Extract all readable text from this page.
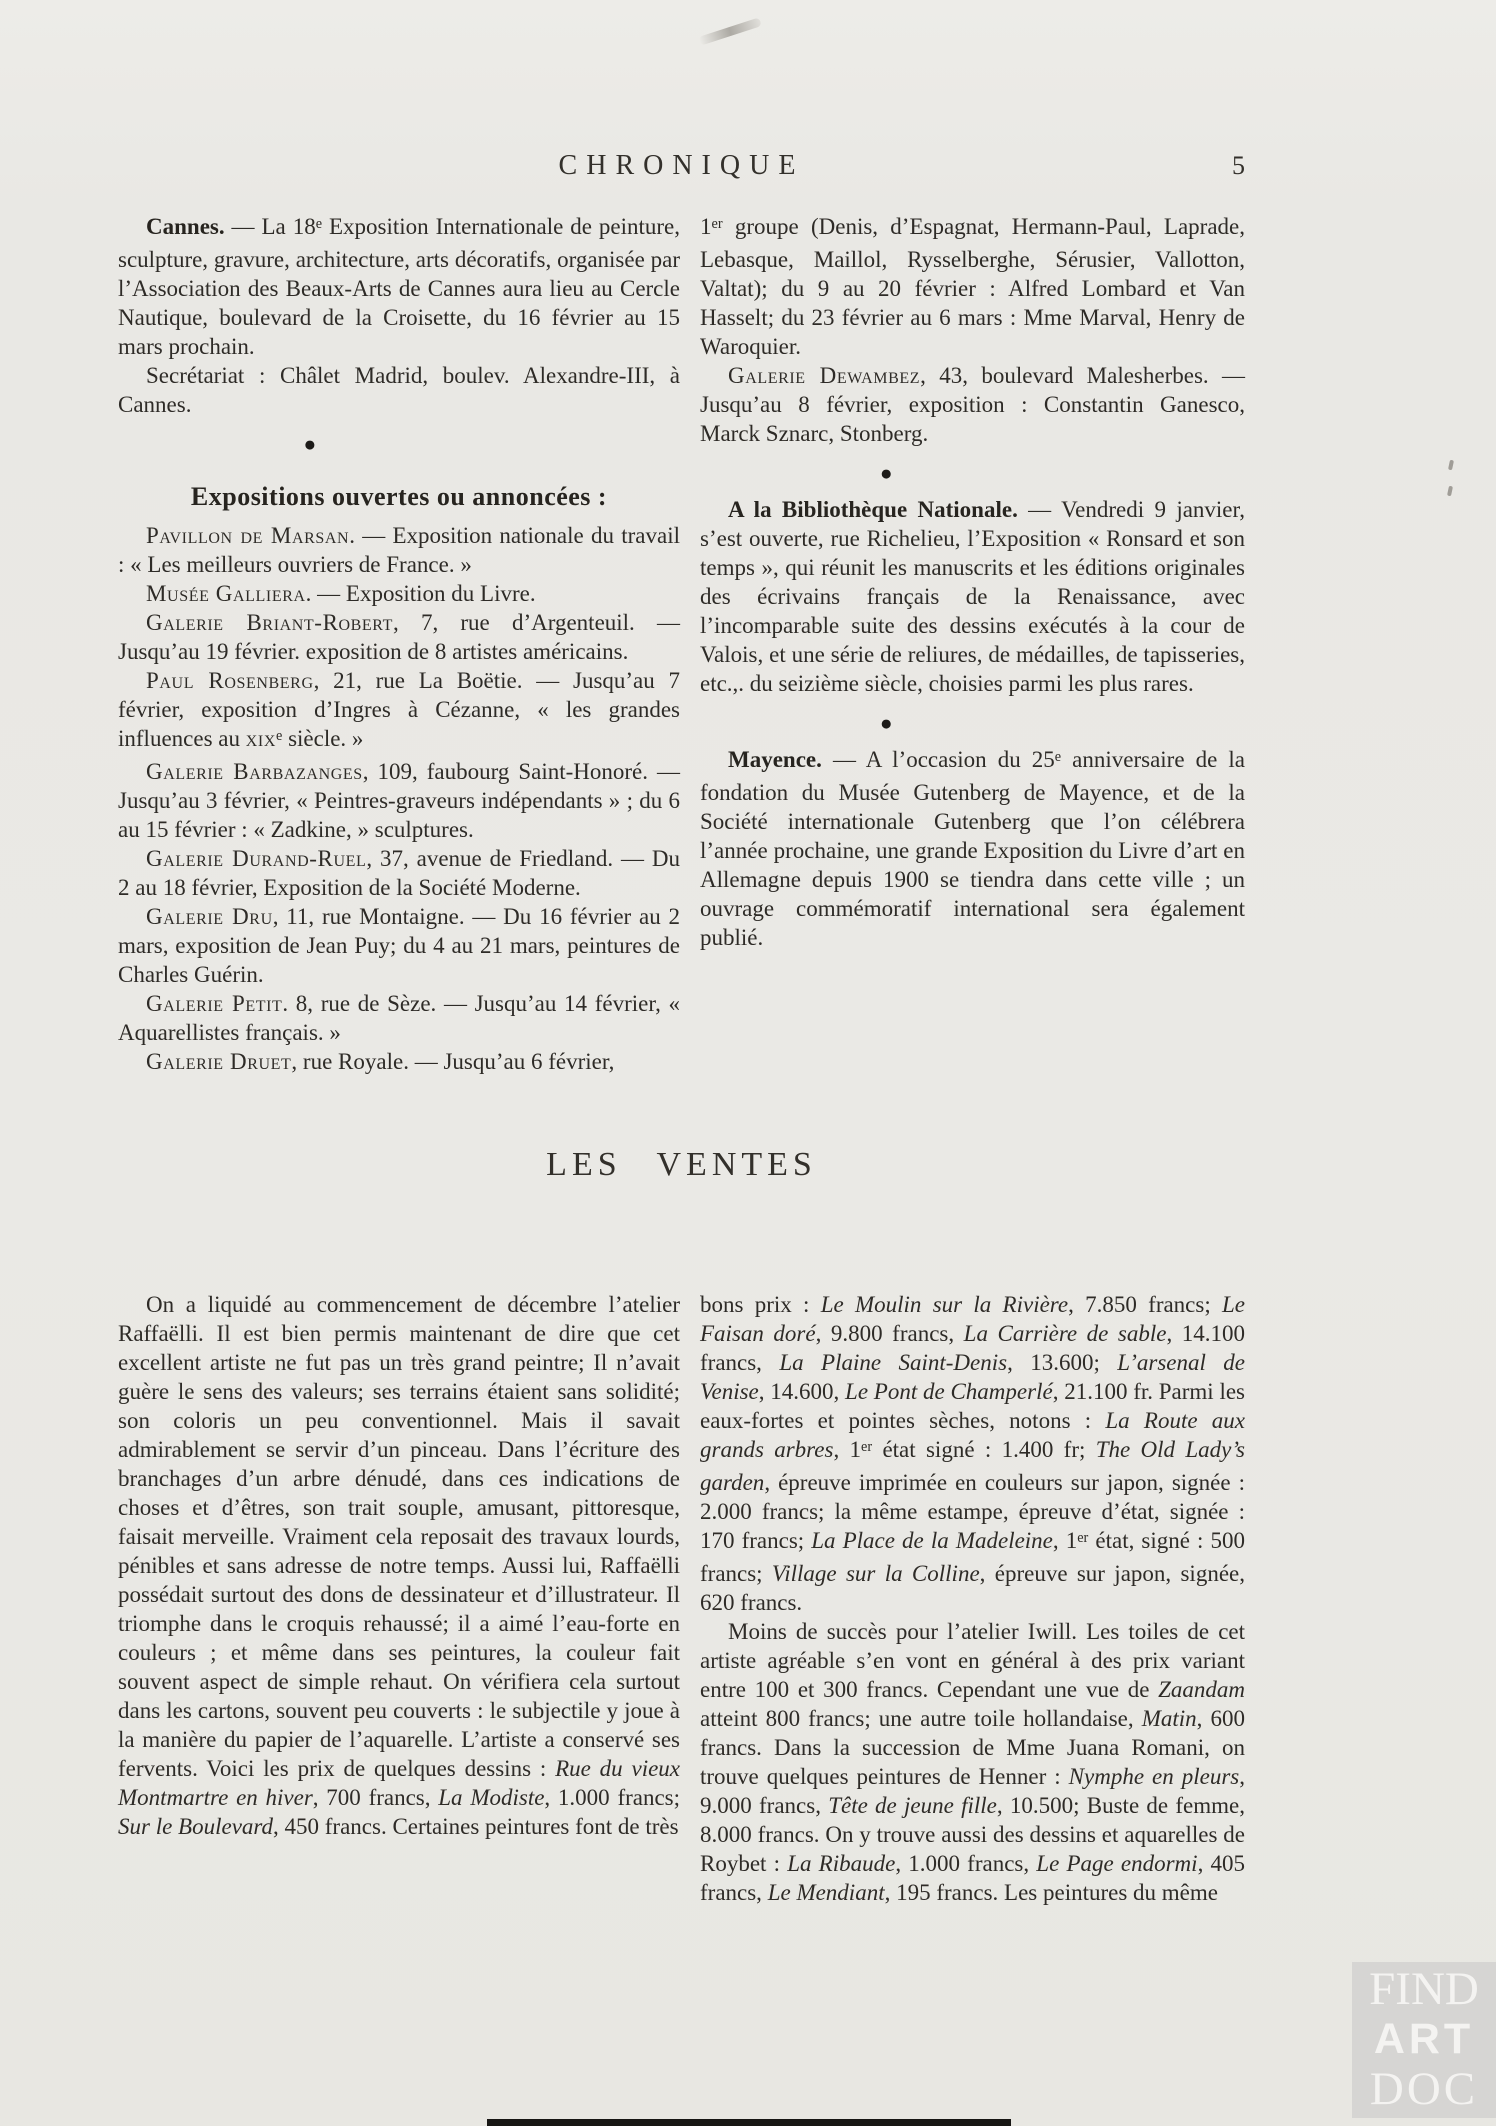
CHRONIQUE	5
Cannes. — La 18e Exposition Internationale de peinture, sculpture, gravure, architecture, arts décoratifs, organisée par l’Association des Beaux-Arts de Cannes aura lieu au Cercle Nautique, boulevard de la Croisette, du 16 février au 15 mars prochain.
Secrétariat : Châlet Madrid, boulev. Alexandre-III, à Cannes.
●
Expositions ouvertes ou annoncées :
Pavillon de Marsan. — Exposition nationale du travail : « Les meilleurs ouvriers de France. »
Musée Galliera. — Exposition du Livre.
Galerie Briant-Robert, 7, rue d’Argenteuil. — Jusqu’au 19 février. exposition de 8 artistes américains.
Paul Rosenberg, 21, rue La Boëtie. — Jusqu’au 7 février, exposition d’Ingres à Cézanne, « les grandes influences au xix$^e$ siècle. »
Galerie Barbazanges, 109, faubourg Saint-Honoré. — Jusqu’au 3 février, « Peintres-graveurs indépendants » ; du 6 au 15 février : « Zadkine, » sculptures.
Galerie Durand-Ruel, 37, avenue de Friedland. — Du 2 au 18 février, Exposition de la Société Moderne.
Galerie Dru, 11, rue Montaigne. — Du 16 février au 2 mars, exposition de Jean Puy; du 4 au 21 mars, peintures de Charles Guérin.
Galerie Petit. 8, rue de Sèze. — Jusqu’au 14 février, « Aquarellistes français. »
Galerie Druet, rue Royale. — Jusqu’au 6 février,
1er groupe (Denis, d’Espagnat, Hermann-Paul, Laprade, Lebasque, Maillol, Rysselberghe, Sérusier, Vallotton, Valtat); du 9 au 20 février : Alfred Lombard et Van Hasselt; du 23 février au 6 mars : Mme Marval, Henry de Waroquier.
Galerie Dewambez, 43, boulevard Malesherbes. — Jusqu’au 8 février, exposition : Constantin Ganesco, Marck Sznarc, Stonberg.
●
A la Bibliothèque Nationale. — Vendredi 9 janvier, s’est ouverte, rue Richelieu, l’Exposition « Ronsard et son temps », qui réunit les manuscrits et les éditions originales des écrivains français de la Renaissance, avec l’incomparable suite des dessins exécutés à la cour de Valois, et une série de reliures, de médailles, de tapisseries, etc.,. du seizième siècle, choisies parmi les plus rares.
●
Mayence. — A l’occasion du 25e anniversaire de la fondation du Musée Gutenberg de Mayence, et de la Société internationale Gutenberg que l’on célébrera l’année prochaine, une grande Exposition du Livre d’art en Allemagne depuis 1900 se tiendra dans cette ville ; un ouvrage commémoratif international sera également publié.
LES VENTES
On a liquidé au commencement de décembre l’atelier Raffaëlli. Il est bien permis maintenant de dire que cet excellent artiste ne fut pas un très grand peintre; Il n’avait guère le sens des valeurs; ses terrains étaient sans solidité; son coloris un peu conventionnel. Mais il savait admirablement se servir d’un pinceau. Dans l’écriture des branchages d’un arbre dénudé, dans ces indications de choses et d’êtres, son trait souple, amusant, pittoresque, faisait merveille. Vraiment cela reposait des travaux lourds, pénibles et sans adresse de notre temps. Aussi lui, Raffaëlli possédait surtout des dons de dessinateur et d’illustrateur. Il triomphe dans le croquis rehaussé; il a aimé l’eau-forte en couleurs ; et même dans ses peintures, la couleur fait souvent aspect de simple rehaut. On vérifiera cela surtout dans les cartons, souvent peu couverts : le subjectile y joue à la manière du papier de l’aquarelle. L’artiste a conservé ses fervents. Voici les prix de quelques dessins : Rue du vieux Montmartre en hiver, 700 francs, La Modiste, 1.000 francs; Sur le Boulevard, 450 francs. Certaines peintures font de très
bons prix : Le Moulin sur la Rivière, 7.850 francs; Le Faisan doré, 9.800 francs, La Carrière de sable, 14.100 francs, La Plaine Saint-Denis, 13.600; L’arsenal de Venise, 14.600, Le Pont de Champerlé, 21.100 fr. Parmi les eaux-fortes et pointes sèches, notons : La Route aux grands arbres, 1er état signé : 1.400 fr; The Old Lady’s garden, épreuve imprimée en couleurs sur japon, signée : 2.000 francs; la même estampe, épreuve d’état, signée : 170 francs; La Place de la Madeleine, 1er état, signé : 500 francs; Village sur la Colline, épreuve sur japon, signée, 620 francs.
Moins de succès pour l’atelier Iwill. Les toiles de cet artiste agréable s’en vont en général à des prix variant entre 100 et 300 francs. Cependant une vue de Zaandam atteint 800 francs; une autre toile hollandaise, Matin, 600 francs. Dans la succession de Mme Juana Romani, on trouve quelques peintures de Henner : Nymphe en pleurs, 9.000 francs, Tête de jeune fille, 10.500; Buste de femme, 8.000 francs. On y trouve aussi des dessins et aquarelles de Roybet : La Ribaude, 1.000 francs, Le Page endormi, 405 francs, Le Mendiant, 195 francs. Les peintures du même
FIND
ART
DOC
